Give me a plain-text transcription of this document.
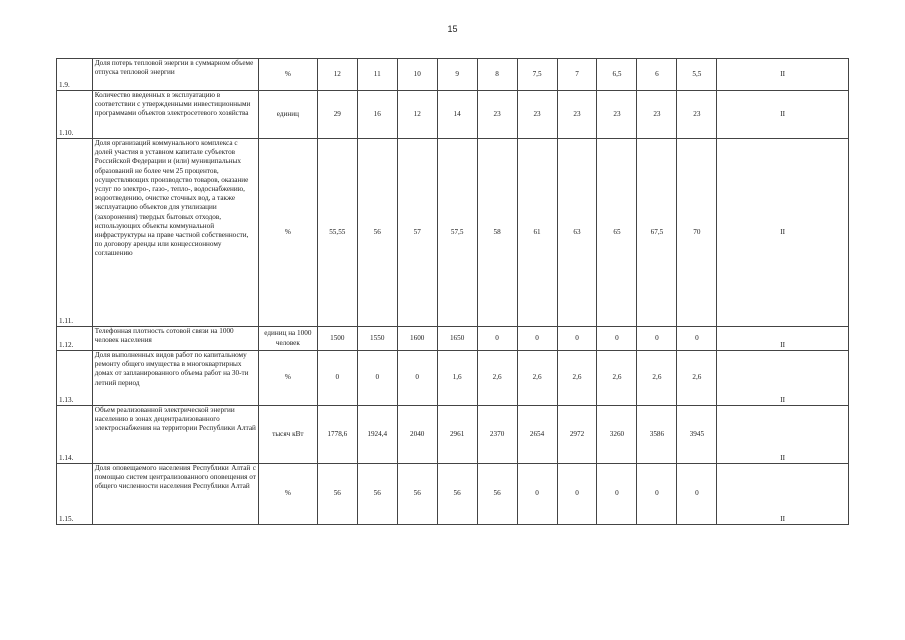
15
1.9.	Доля потерь тепловой энергии в суммарном объеме отпуска тепловой энергии	%	12	11	10	9	8	7,5	7	6,5	6	5,5	II
1.10.	Количество введенных в эксплуатацию в соответствии с утвержденными инвестиционными программами объектов электросетевого хозяйства	единиц	29	16	12	14	23	23	23	23	23	23	II
1.11.	Доля организаций коммунального комплекса с долей участия в уставном капитале субъектов Российской Федерации и (или) муниципальных образований не более чем 25 процентов, осуществляющих производство товаров, оказание услуг по электро-, газо-, тепло-, водоснабжению, водоотведению, очистке сточных вод, а также эксплуатацию объектов для утилизации (захоронения) твердых бытовых отходов, использующих объекты коммунальной инфраструктуры на праве частной собственности, по договору аренды или концессионному соглашению	%	55,55	56	57	57,5	58	61	63	65	67,5	70	II
1.12.	Телефонная плотность сотовой связи на 1000 человек населения	единиц на 1000 человек	1500	1550	1600	1650	0	0	0	0	0	0	II
1.13.	Доля выполненных видов работ по капитальному ремонту общего имущества в многоквартирных домах от запланированного объема работ на 30-ти летний период	%	0	0	0	1,6	2,6	2,6	2,6	2,6	2,6	2,6	II
1.14.	Объем реализованной электрической энергии населению в зонах децентрализованного электроснабжения на территории Республики Алтай	тысяч кВт	1778,6	1924,4	2040	2961	2370	2654	2972	3260	3586	3945	II
1.15.	Доля оповещаемого населения Республики Алтай с помощью систем централизованного оповещения от общего численности населения Республики Алтай	%	56	56	56	56	56	0	0	0	0	0	II
